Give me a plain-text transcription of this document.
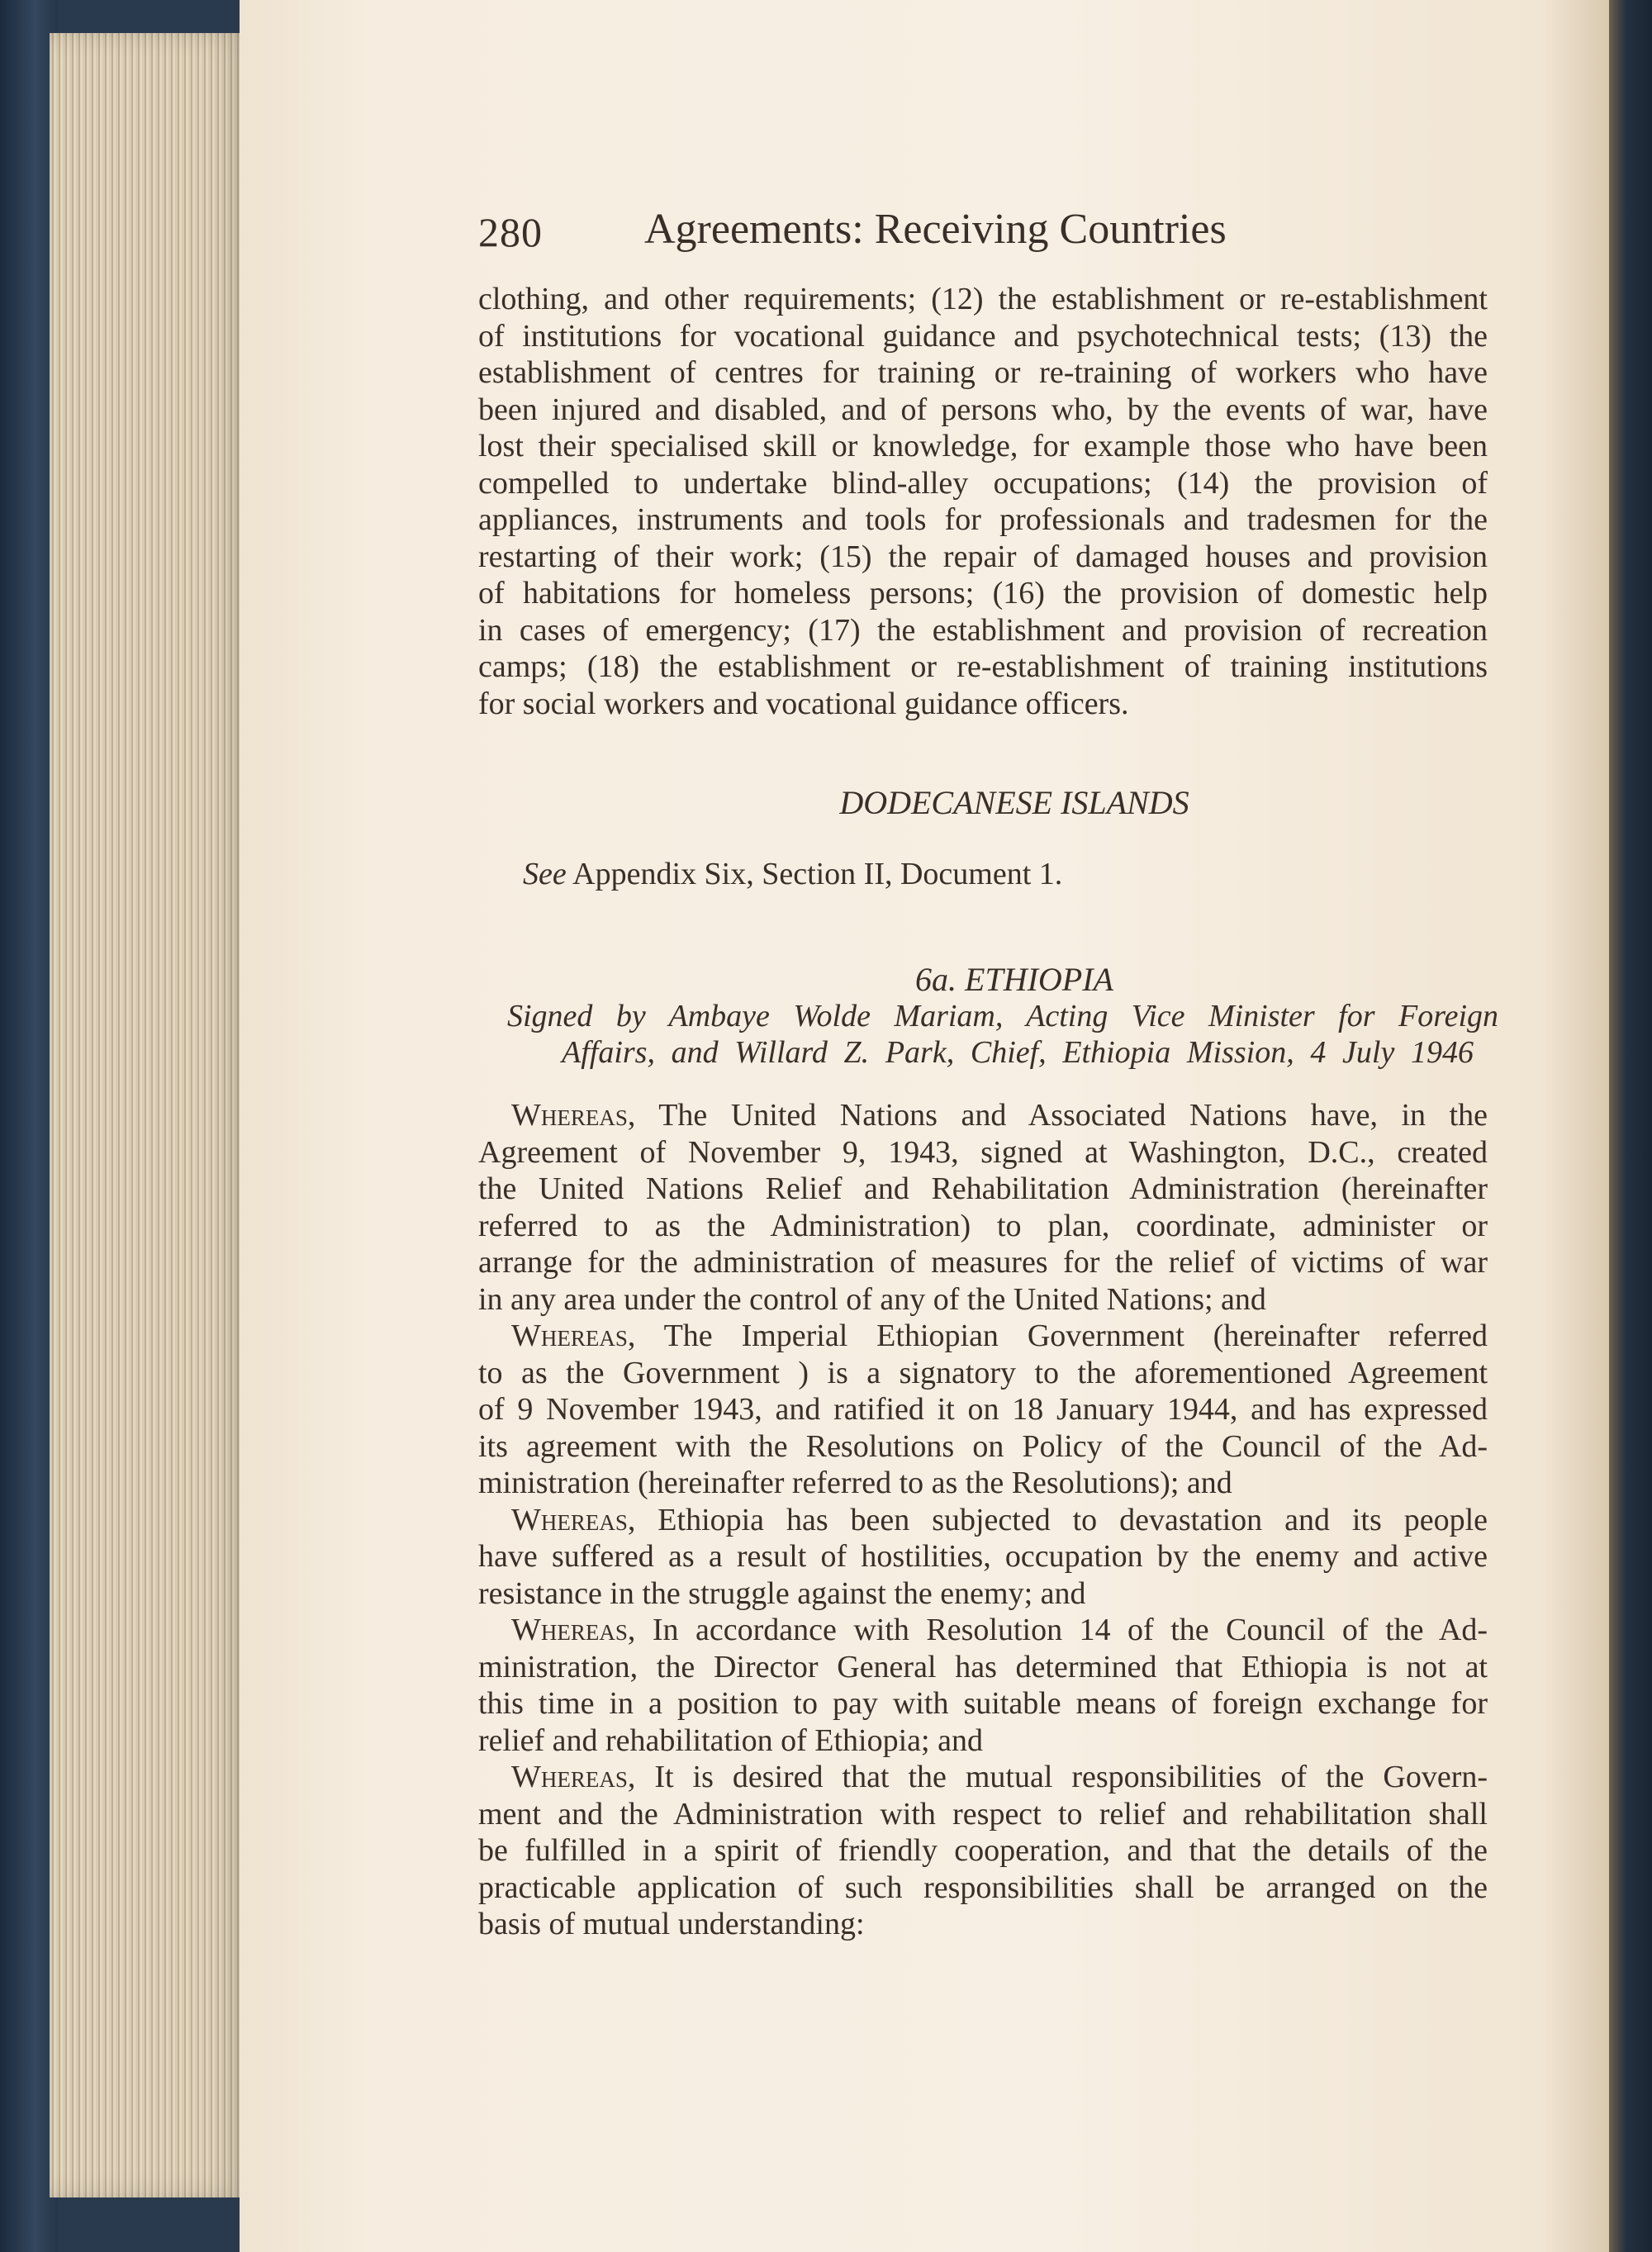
280 Agreements: Receiving Countries
clothing, and other requirements; (12) the establishment or re-establishment
of institutions for vocational guidance and psychotechnical tests; (13) the
establishment of centres for training or re-training of workers who have
been injured and disabled, and of persons who, by the events of war, have
lost their specialised skill or knowledge, for example those who have been
compelled to undertake blind-alley occupations; (14) the provision of
appliances, instruments and tools for professionals and tradesmen for the
restarting of their work; (15) the repair of damaged houses and provision
of habitations for homeless persons; (16) the provision of domestic help
in cases of emergency; (17) the establishment and provision of recreation
camps; (18) the establishment or re-establishment of training institutions
for social workers and vocational guidance officers.
DODECANESE ISLANDS
See Appendix Six, Section II, Document 1.
6a. ETHIOPIA
Signed by Ambaye Wolde Mariam, Acting Vice Minister for Foreign
Affairs, and Willard Z. Park, Chief, Ethiopia Mission, 4 July 1946
Whereas, The United Nations and Associated Nations have, in the
Agreement of November 9, 1943, signed at Washington, D.C., created
the United Nations Relief and Rehabilitation Administration (hereinafter
referred to as the Administration) to plan, coordinate, administer or
arrange for the administration of measures for the relief of victims of war
in any area under the control of any of the United Nations; and
Whereas, The Imperial Ethiopian Government (hereinafter referred
to as the Government ) is a signatory to the aforementioned Agreement
of 9 November 1943, and ratified it on 18 January 1944, and has expressed
its agreement with the Resolutions on Policy of the Council of the Ad-
ministration (hereinafter referred to as the Resolutions); and
Whereas, Ethiopia has been subjected to devastation and its people
have suffered as a result of hostilities, occupation by the enemy and active
resistance in the struggle against the enemy; and
Whereas, In accordance with Resolution 14 of the Council of the Ad-
ministration, the Director General has determined that Ethiopia is not at
this time in a position to pay with suitable means of foreign exchange for
relief and rehabilitation of Ethiopia; and
Whereas, It is desired that the mutual responsibilities of the Govern-
ment and the Administration with respect to relief and rehabilitation shall
be fulfilled in a spirit of friendly cooperation, and that the details of the
practicable application of such responsibilities shall be arranged on the
basis of mutual understanding:
